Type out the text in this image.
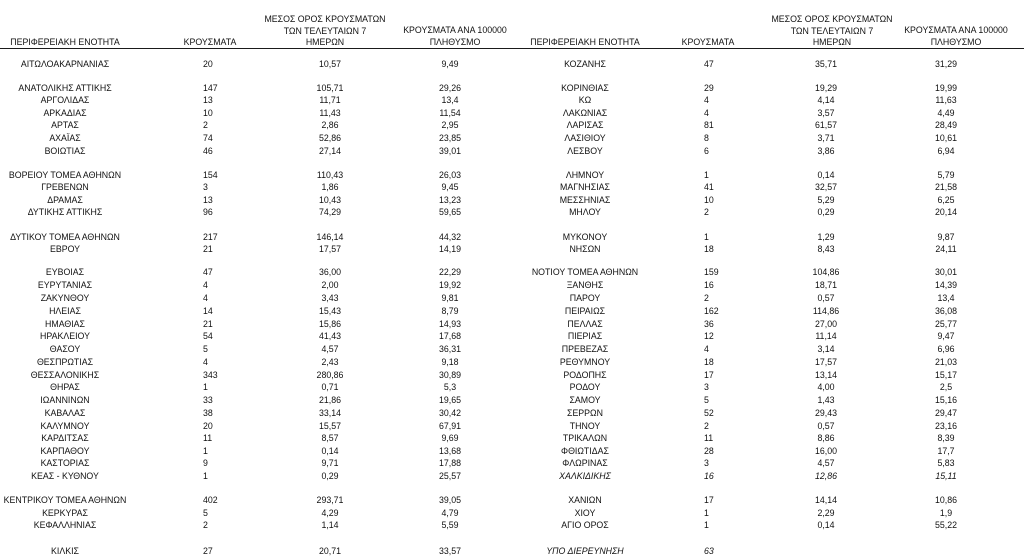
ΠΕΡΙΦΕΡΕΙΑΚΗ ΕΝΟΤΗΤΑ	ΚΡΟΥΣΜΑΤΑ
ΜΕΣΟΣ ΟΡΟΣ ΚΡΟΥΣΜΑΤΩΝ
ΤΩΝ ΤΕΛΕΥΤΑΙΩΝ 7
ΗΜΕΡΩΝ
ΚΡΟΥΣΜΑΤΑ ΑΝΑ 100000
ΠΛΗΘΥΣΜΟ	ΠΕΡΙΦΕΡΕΙΑΚΗ ΕΝΟΤΗΤΑ	ΚΡΟΥΣΜΑΤΑ
ΜΕΣΟΣ ΟΡΟΣ ΚΡΟΥΣΜΑΤΩΝ
ΤΩΝ ΤΕΛΕΥΤΑΙΩΝ 7
ΗΜΕΡΩΝ
ΚΡΟΥΣΜΑΤΑ ΑΝΑ 100000
ΠΛΗΘΥΣΜΟ
ΑΙΤΩΛΟΑΚΑΡΝΑΝΙΑΣ	20	10,57	9,49
ΑΝΑΤΟΛΙΚΗΣ ΑΤΤΙΚΗΣ	147	105,71	29,26
ΑΡΓΟΛΙΔΑΣ	13	11,71	13,4
ΑΡΚΑΔΙΑΣ	10	11,43	11,54
ΑΡΤΑΣ	2	2,86	2,95
ΑΧΑΪΑΣ	74	52,86	23,85
ΒΟΙΩΤΙΑΣ	46	27,14	39,01
ΒΟΡΕΙΟΥ ΤΟΜΕΑ ΑΘΗΝΩΝ	154	110,43	26,03
ΓΡΕΒΕΝΩΝ	3	1,86	9,45
ΔΡΑΜΑΣ	13	10,43	13,23
ΔΥΤΙΚΗΣ ΑΤΤΙΚΗΣ	96	74,29	59,65
ΔΥΤΙΚΟΥ ΤΟΜΕΑ ΑΘΗΝΩΝ	217	146,14	44,32
ΕΒΡΟΥ	21	17,57	14,19
ΕΥΒΟΙΑΣ	47	36,00	22,29
ΕΥΡΥΤΑΝΙΑΣ	4	2,00	19,92
ΖΑΚΥΝΘΟΥ	4	3,43	9,81
ΗΛΕΙΑΣ	14	15,43	8,79
ΗΜΑΘΙΑΣ	21	15,86	14,93
ΗΡΑΚΛΕΙΟΥ	54	41,43	17,68
ΘΑΣΟΥ	5	4,57	36,31
ΘΕΣΠΡΩΤΙΑΣ	4	2,43	9,18
ΘΕΣΣΑΛΟΝΙΚΗΣ	343	280,86	30,89
ΘΗΡΑΣ	1	0,71	5,3
ΙΩΑΝΝΙΝΩΝ	33	21,86	19,65
ΚΑΒΑΛΑΣ	38	33,14	30,42
ΚΑΛΥΜΝΟΥ	20	15,57	67,91
ΚΑΡΔΙΤΣΑΣ	11	8,57	9,69
ΚΑΡΠΑΘΟΥ	1	0,14	13,68
ΚΑΣΤΟΡΙΑΣ	9	9,71	17,88
ΚΕΑΣ - ΚΥΘΝΟΥ	1	0,29	25,57
ΚΕΝΤΡΙΚΟΥ ΤΟΜΕΑ ΑΘΗΝΩΝ	402	293,71	39,05
ΚΕΡΚΥΡΑΣ	5	4,29	4,79
ΚΕΦΑΛΛΗΝΙΑΣ	2	1,14	5,59
ΚΙΛΚΙΣ	27	20,71	33,57
ΚΟΖΑΝΗΣ	47	35,71	31,29
ΚΟΡΙΝΘΙΑΣ	29	19,29	19,99
ΚΩ	4	4,14	11,63
ΛΑΚΩΝΙΑΣ	4	3,57	4,49
ΛΑΡΙΣΑΣ	81	61,57	28,49
ΛΑΣΙΘΙΟΥ	8	3,71	10,61
ΛΕΣΒΟΥ	6	3,86	6,94
ΛΗΜΝΟΥ	1	0,14	5,79
ΜΑΓΝΗΣΙΑΣ	41	32,57	21,58
ΜΕΣΣΗΝΙΑΣ	10	5,29	6,25
ΜΗΛΟΥ	2	0,29	20,14
ΜΥΚΟΝΟΥ	1	1,29	9,87
ΝΗΣΩΝ	18	8,43	24,11
ΝΟΤΙΟΥ ΤΟΜΕΑ ΑΘΗΝΩΝ	159	104,86	30,01
ΞΑΝΘΗΣ	16	18,71	14,39
ΠΑΡΟΥ	2	0,57	13,4
ΠΕΙΡΑΙΩΣ	162	114,86	36,08
ΠΕΛΛΑΣ	36	27,00	25,77
ΠΙΕΡΙΑΣ	12	11,14	9,47
ΠΡΕΒΕΖΑΣ	4	3,14	6,96
ΡΕΘΥΜΝΟΥ	18	17,57	21,03
ΡΟΔΟΠΗΣ	17	13,14	15,17
ΡΟΔΟΥ	3	4,00	2,5
ΣΑΜΟΥ	5	1,43	15,16
ΣΕΡΡΩΝ	52	29,43	29,47
ΤΗΝΟΥ	2	0,57	23,16
ΤΡΙΚΑΛΩΝ	11	8,86	8,39
ΦΘΙΩΤΙΔΑΣ	28	16,00	17,7
ΦΛΩΡΙΝΑΣ	3	4,57	5,83
ΧΑΛΚΙΔΙΚΗΣ	16	12,86	15,11
ΧΑΝΙΩΝ	17	14,14	10,86
ΧΙΟΥ	1	2,29	1,9
ΑΓΙΟ ΟΡΟΣ	1	0,14	55,22
ΥΠΟ ΔΙΕΡΕΥΝΗΣΗ	63
